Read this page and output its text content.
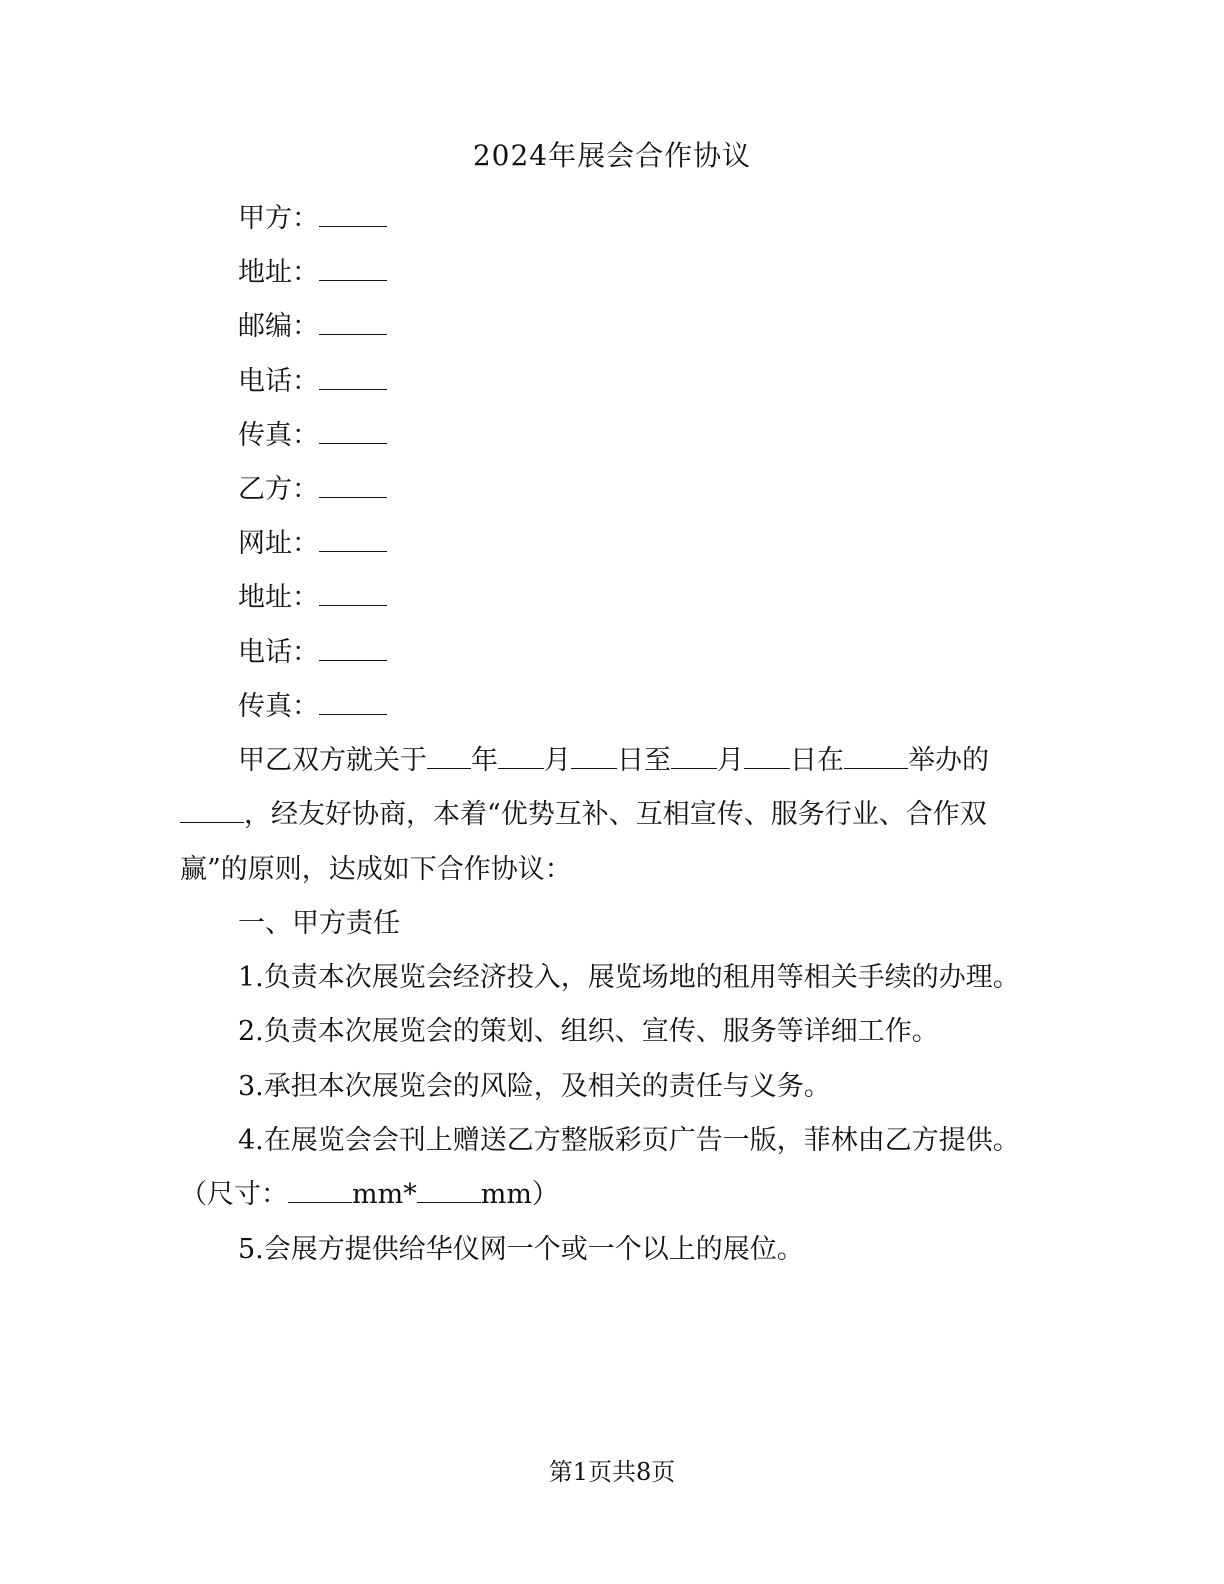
2024年展会合作协议
甲方：
地址：
邮编：
电话：
传真：
乙方：
网址：
地址：
电话：
传真：

甲乙双方就关于 年 月 日至 月 日在 举办的，经友好协商，本着“优势互补、互相宣传、服务行业、合作双赢”的原则，达成如下合作协议：

一、甲方责任

1.负责本次展览会经济投入，展览场地的租用等相关手续的办理。

2.负责本次展览会的策划、组织、宣传、服务等详细工作。

3.承担本次展览会的风险，及相关的责任与义务。

4.在展览会会刊上赠送乙方整版彩页广告一版，菲林由乙方提供。（尺寸： mm* mm）

5.会展方提供给华仪网一个或一个以上的展位。

第1页共8页
